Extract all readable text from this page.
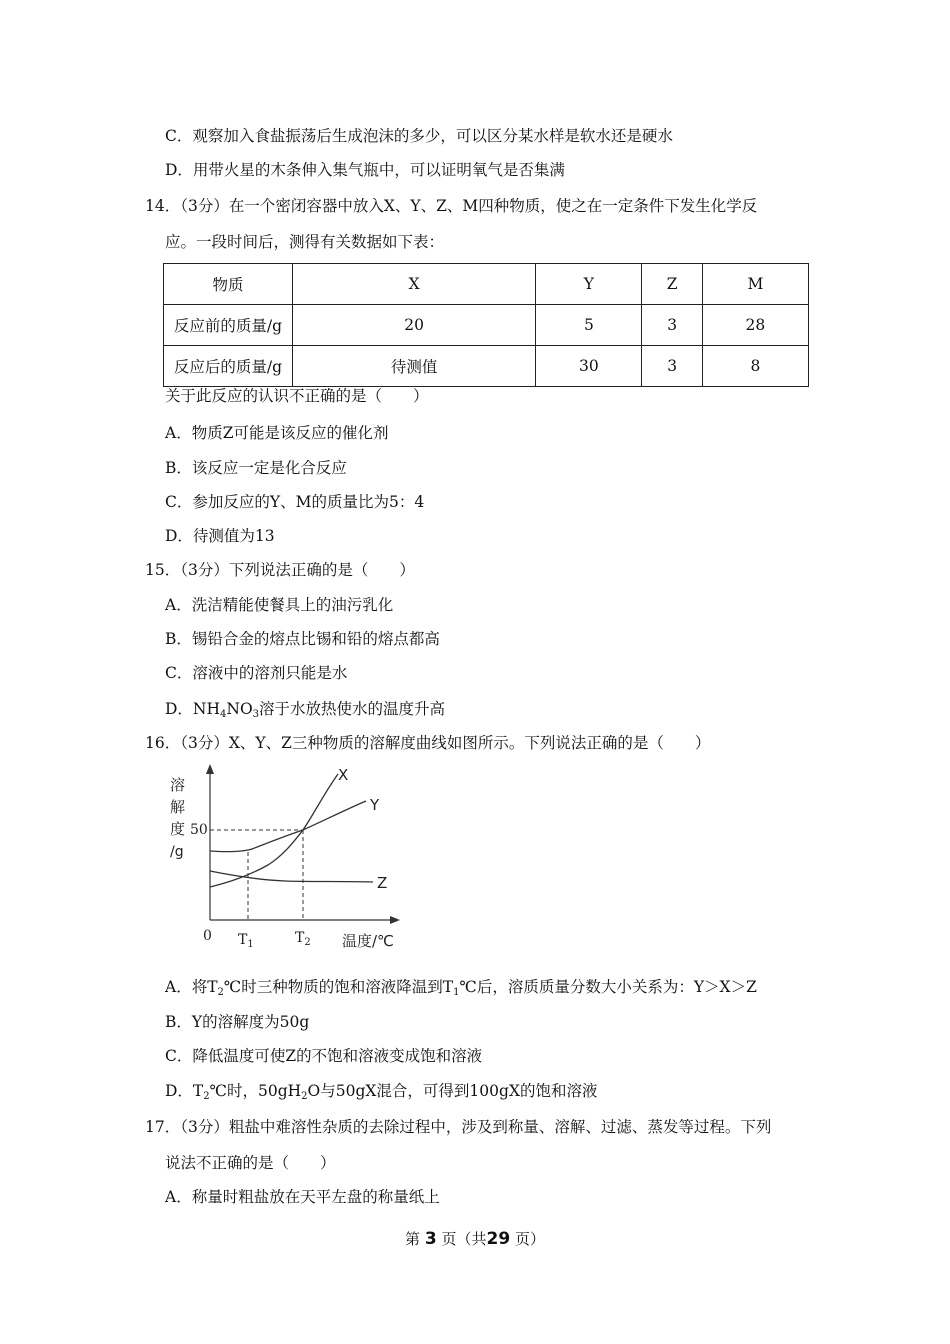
C．观察加入食盐振荡后生成泡沫的多少，可以区分某水样是软水还是硬水
D．用带火星的木条伸入集气瓶中，可以证明氧气是否集满
14．（3分）在一个密闭容器中放入X、Y、Z、M四种物质，使之在一定条件下发生化学反
应。一段时间后，测得有关数据如下表：
物质	X	Y	Z	M
反应前的质量/g	20	5	3	28
反应后的质量/g	待测值	30	3	8
关于此反应的认识不正确的是（　　）
A．物质Z可能是该反应的催化剂
B．该反应一定是化合反应
C．参加反应的Y、M的质量比为5：4
D．待测值为13
15．（3分）下列说法正确的是（　　）
A．洗洁精能使餐具上的油污乳化
B．锡铅合金的熔点比锡和铅的熔点都高
C．溶液中的溶剂只能是水
D．$NH_4NO_3$溶于水放热使水的温度升高
16．（3分）X、Y、Z三种物质的溶解度曲线如图所示。下列说法正确的是（　　）
溶
解
度
/g
50
X
Y
Z
0 $T_1$	$T_2$ 温度/℃
A．将$T_2℃$时三种物质的饱和溶液降温到$T_1℃$后，溶质质量分数大小关系为：Y＞X＞Z
B．Y的溶解度为50g
C．降低温度可使Z的不饱和溶液变成饱和溶液
D．$T_2℃$时，$50gH_2O$与50gX混合，可得到100gX的饱和溶液
17．（3分）粗盐中难溶性杂质的去除过程中，涉及到称量、溶解、过滤、蒸发等过程。下列
说法不正确的是（　　）
A．称量时粗盐放在天平左盘的称量纸上
第 3 页（共29 页）
